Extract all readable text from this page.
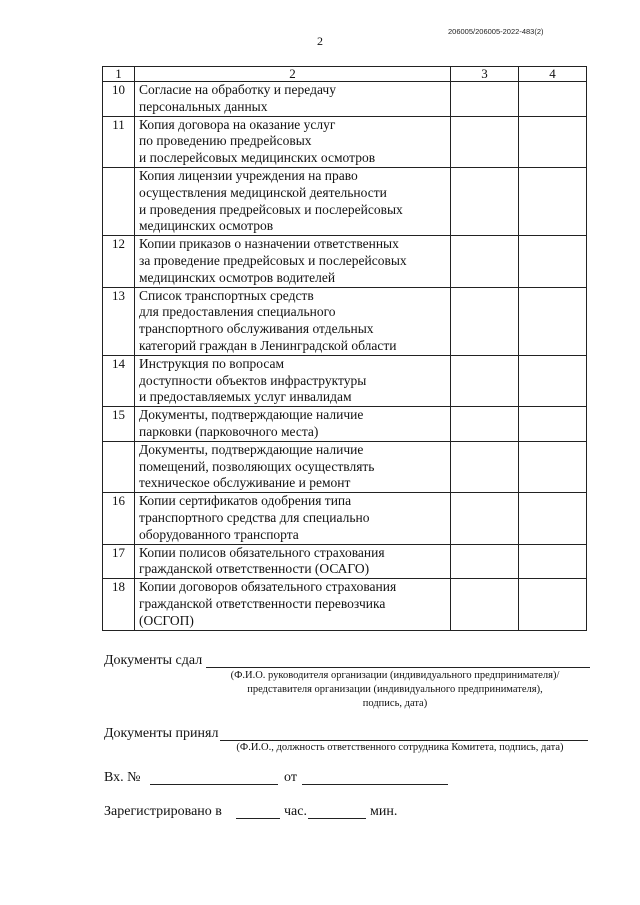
206005/206005-2022-483(2)
2
1	2	3	4
10	Согласие на обработку и передачу
персональных данных		

11	Копия договора на оказание услуг
по проведению предрейсовых
и послерейсовых медицинских осмотров		

	Копия лицензии учреждения на право
осуществления медицинской деятельности
и проведения предрейсовых и послерейсовых
медицинских осмотров		

12	Копии приказов о назначении ответственных
за проведение предрейсовых и послерейсовых
медицинских осмотров водителей		

13	Список транспортных средств
для предоставления специального
транспортного обслуживания отдельных
категорий граждан в Ленинградской области		

14	Инструкция по вопросам
доступности объектов инфраструктуры
и предоставляемых услуг инвалидам		

15	Документы, подтверждающие наличие
парковки (парковочного места)		

	Документы, подтверждающие наличие
помещений, позволяющих осуществлять
техническое обслуживание и ремонт		

16	Копии сертификатов одобрения типа
транспортного средства для специально
оборудованного транспорта		

17	Копии полисов обязательного страхования
гражданской ответственности (ОСАГО)		

18	Копии договоров обязательного страхования
гражданской ответственности перевозчика
(ОСГОП)		

Документы сдал
(Ф.И.О. руководителя организации (индивидуального предпринимателя)/
представителя организации (индивидуального предпринимателя),
подпись, дата)
Документы принял
(Ф.И.О., должность ответственного сотрудника Комитета, подпись, дата)
Вх. №	от
Зарегистрировано в	час.	мин.
